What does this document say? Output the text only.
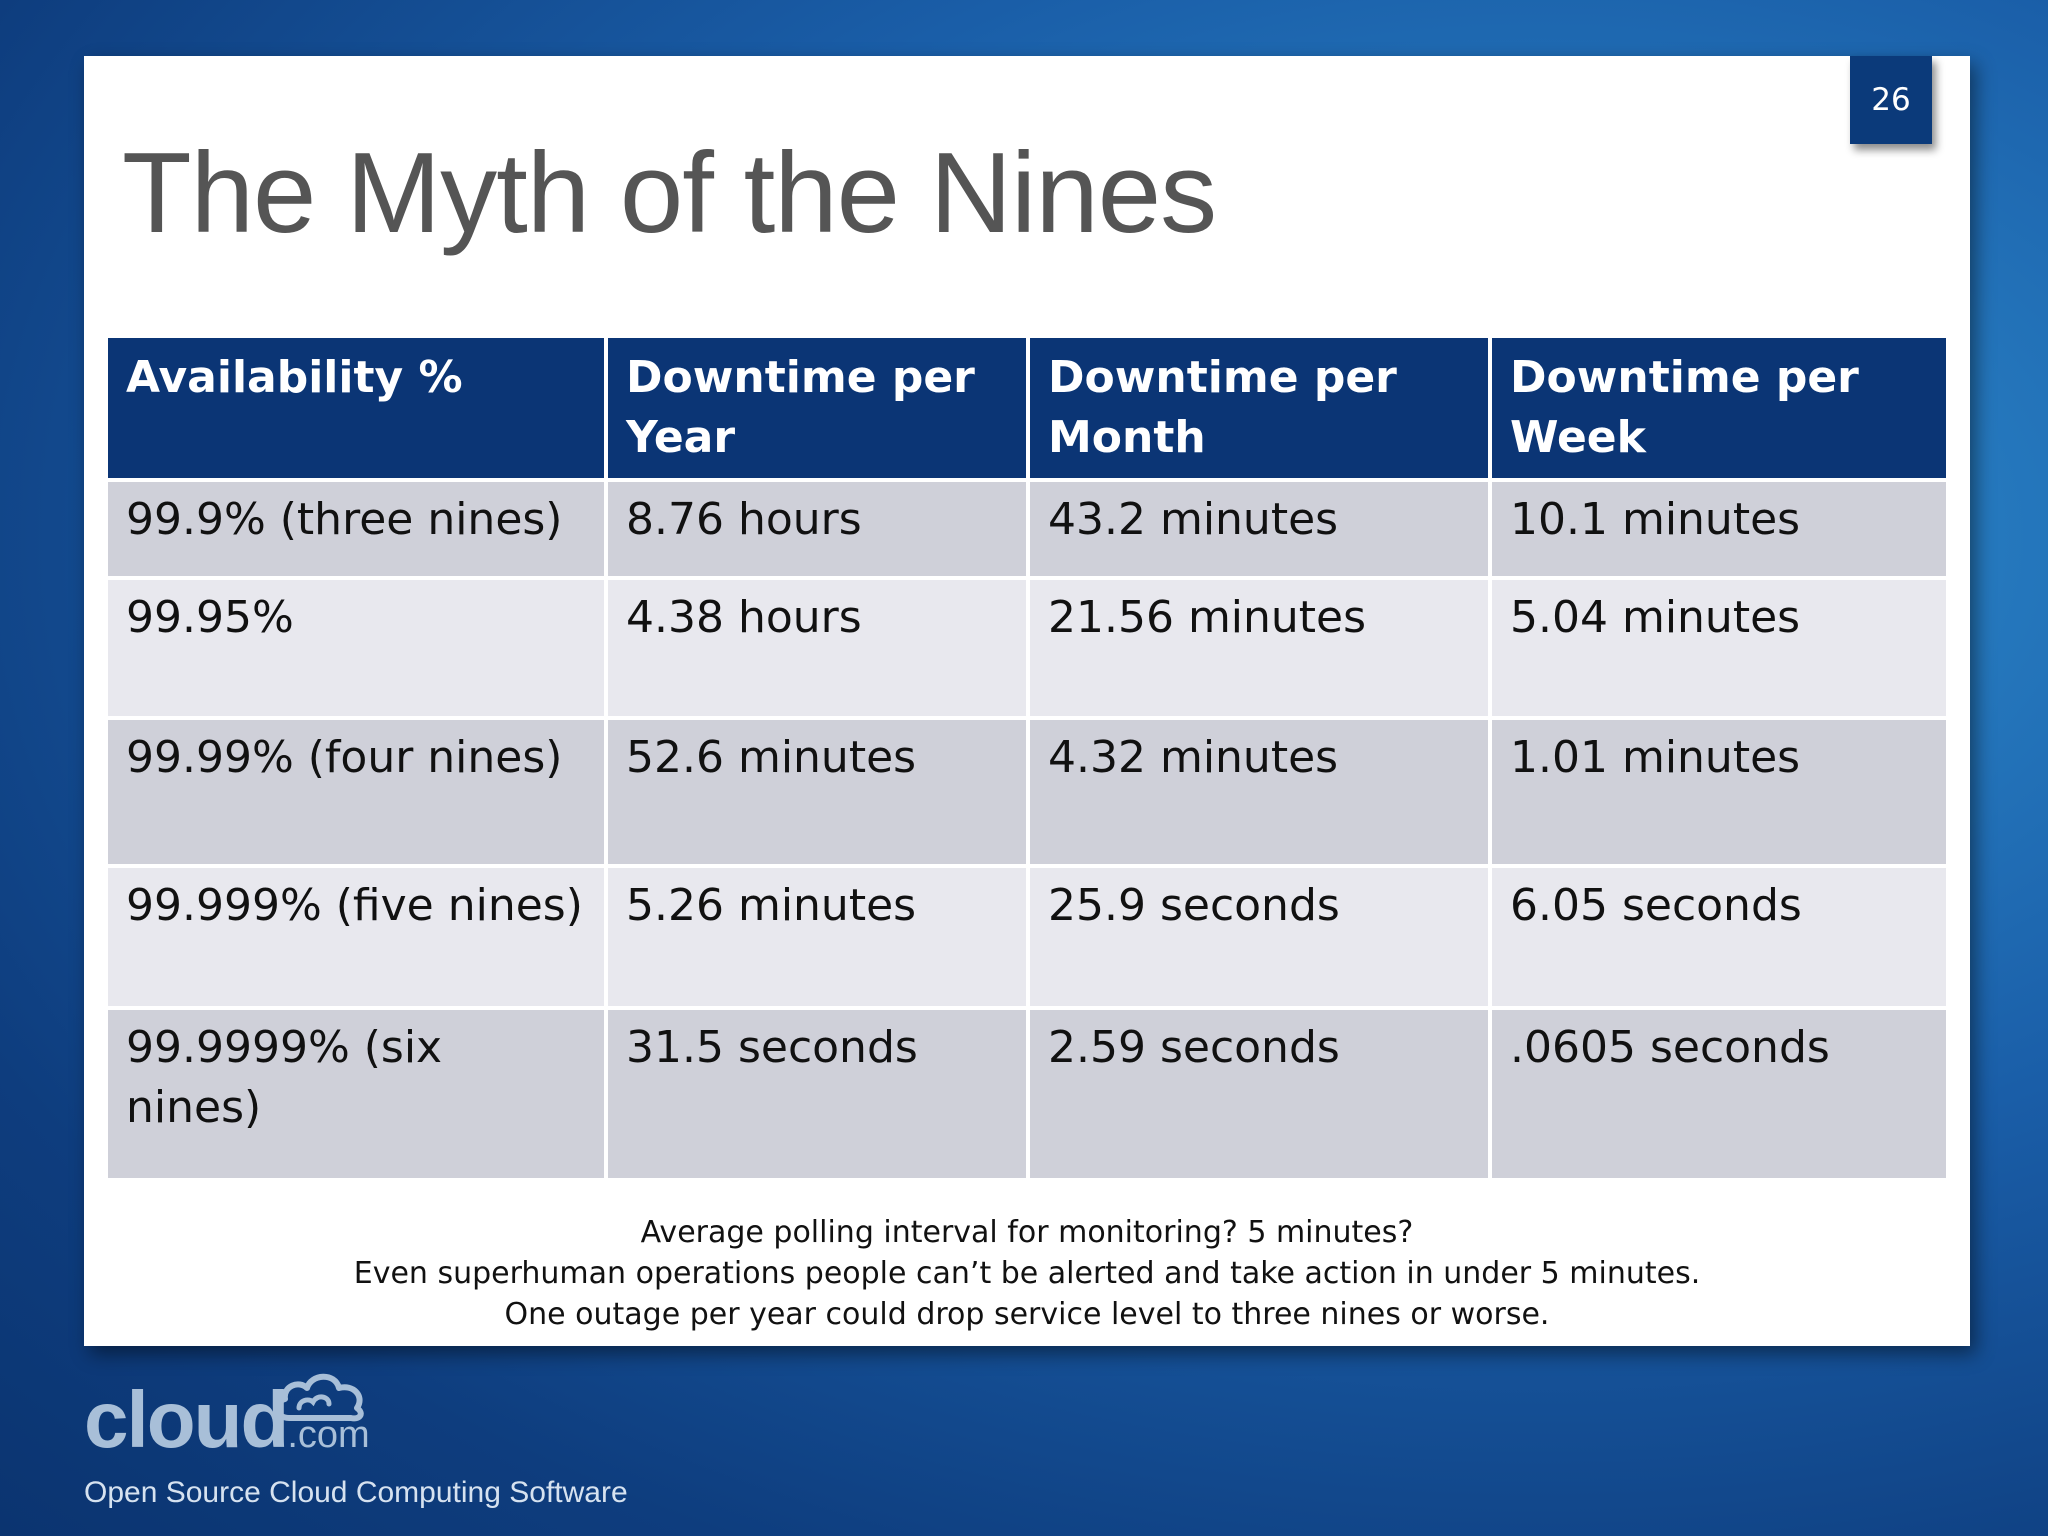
26
The Myth of the Nines
Availability %	Downtime per Year	Downtime per Month	Downtime per Week
99.9% (three nines)	8.76 hours	43.2 minutes	10.1 minutes
99.95%	4.38 hours	21.56 minutes	5.04 minutes
99.99% (four nines)	52.6 minutes	4.32 minutes	1.01 minutes
99.999% (five nines)	5.26 minutes	25.9 seconds	6.05 seconds
99.9999% (six nines)	31.5 seconds	2.59 seconds	.0605 seconds
Average polling interval for monitoring? 5 minutes?
Even superhuman operations people can’t be alerted and take action in under 5 minutes.
One outage per year could drop service level to three nines or worse.
cloud.com
Open Source Cloud Computing Software
